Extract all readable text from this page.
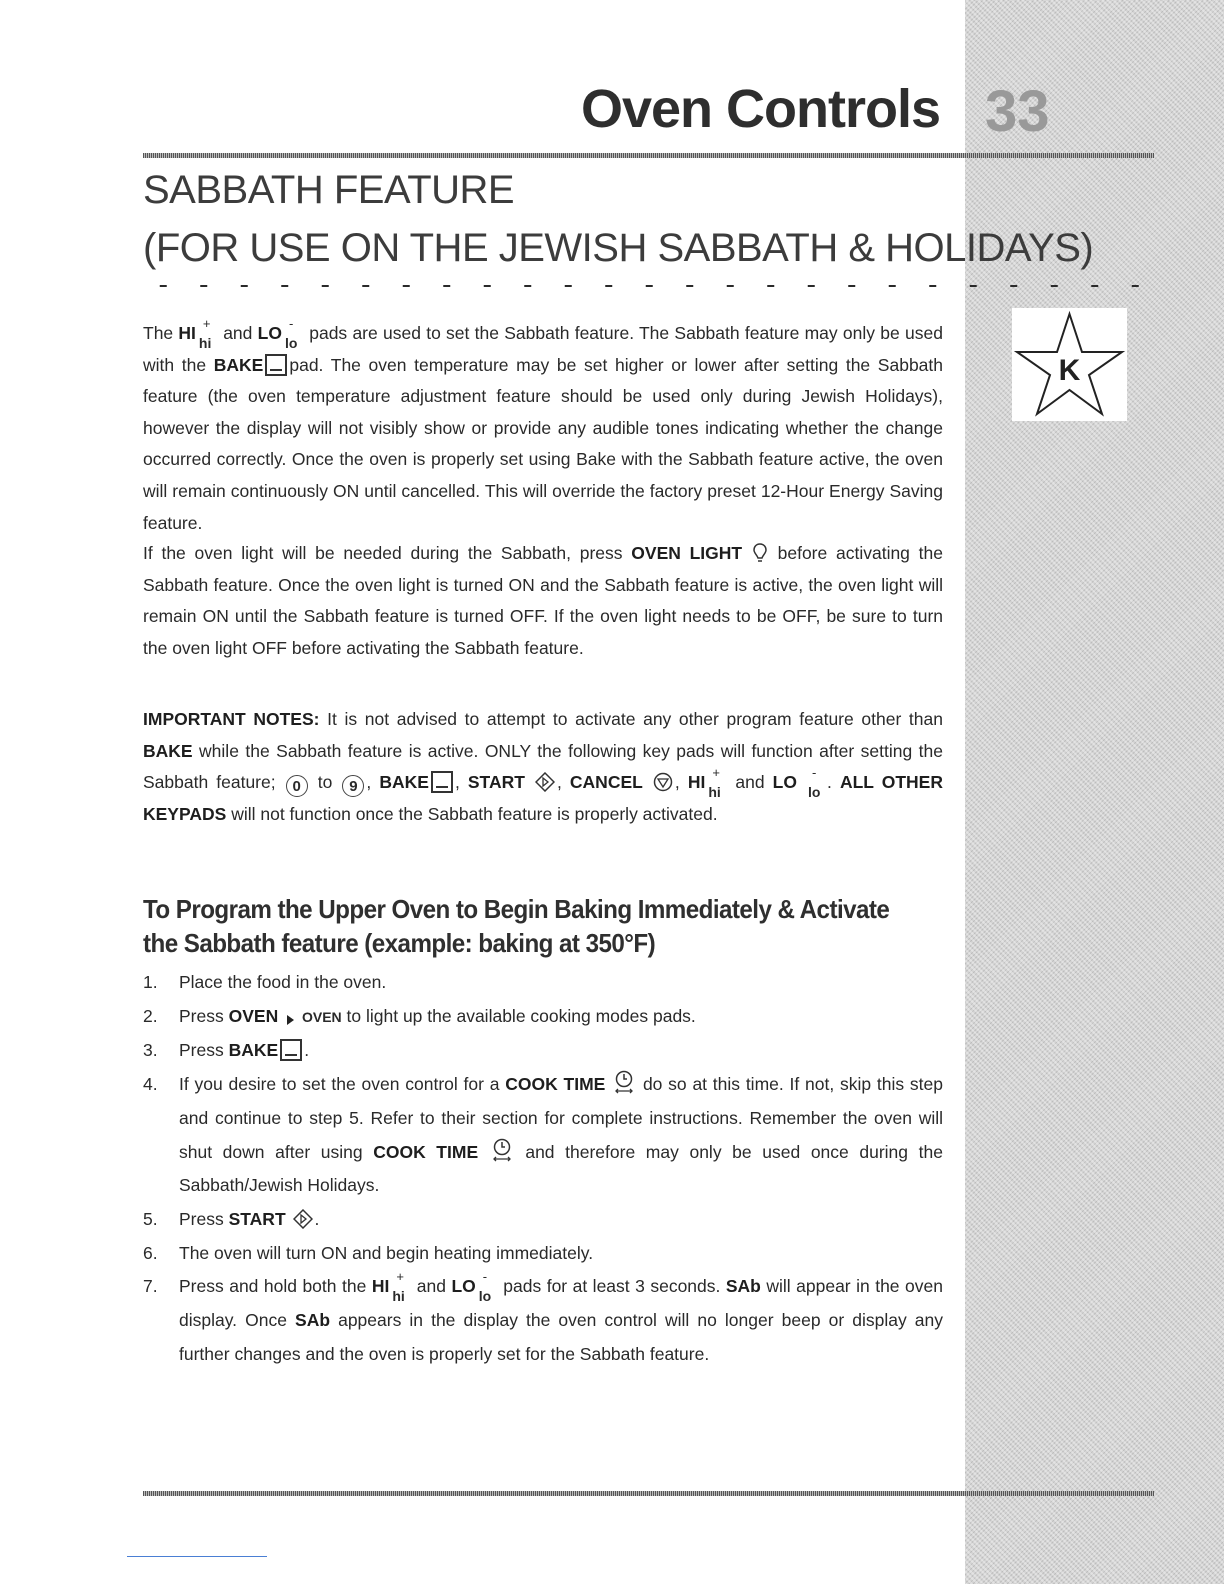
Oven Controls 33
SABBATH FEATURE
(FOR USE ON THE JEWISH SABBATH & HOLIDAYS)
K
The HI +
hi and LO -
lo pads are used to set the Sabbath feature. The Sabbath feature may only be used with the BAKE pad. The oven temperature may be set higher or lower after setting the Sabbath feature (the oven temperature adjustment feature should be used only during Jewish Holidays), however the display will not visibly show or provide any audible tones indicating whether the change occurred correctly. Once the oven is properly set using Bake with the Sabbath feature active, the oven will remain continuously ON until cancelled. This will override the factory preset 12-Hour Energy Saving feature.
If the oven light will be needed during the Sabbath, press OVEN LIGHT before activating the Sabbath feature. Once the oven light is turned ON and the Sabbath feature is active, the oven light will remain ON until the Sabbath feature is turned OFF. If the oven light needs to be OFF, be sure to turn the oven light OFF before activating the Sabbath feature.
IMPORTANT NOTES: It is not advised to attempt to activate any other program feature other than BAKE while the Sabbath feature is active. ONLY the following key pads will function after setting the Sabbath feature; 0 to 9 , BAKE , START , CANCEL , HI +
hi and LO -
lo . ALL OTHER KEYPADS will not function once the Sabbath feature is properly activated.
To Program the Upper Oven to Begin Baking Immediately & Activate the Sabbath feature (example: baking at 350°F)
1. Place the food in the oven.
2. Press OVEN OVEN to light up the available cooking modes pads.
3. Press BAKE .
4. If you desire to set the oven control for a COOK TIME do so at this time. If not, skip this step and continue to step 5. Refer to their section for complete instructions. Remember the oven will shut down after using COOK TIME	and therefore may only be used once during the Sabbath/Jewish Holidays.
5. Press START .
6. The oven will turn ON and begin heating immediately.
7. Press and hold both the HI +
hi and LO -
lo pads for at least 3 seconds. SAb will appear in the oven display. Once SAb appears in the display the oven control will no longer beep or display any further changes and the oven is properly set for the Sabbath feature.
